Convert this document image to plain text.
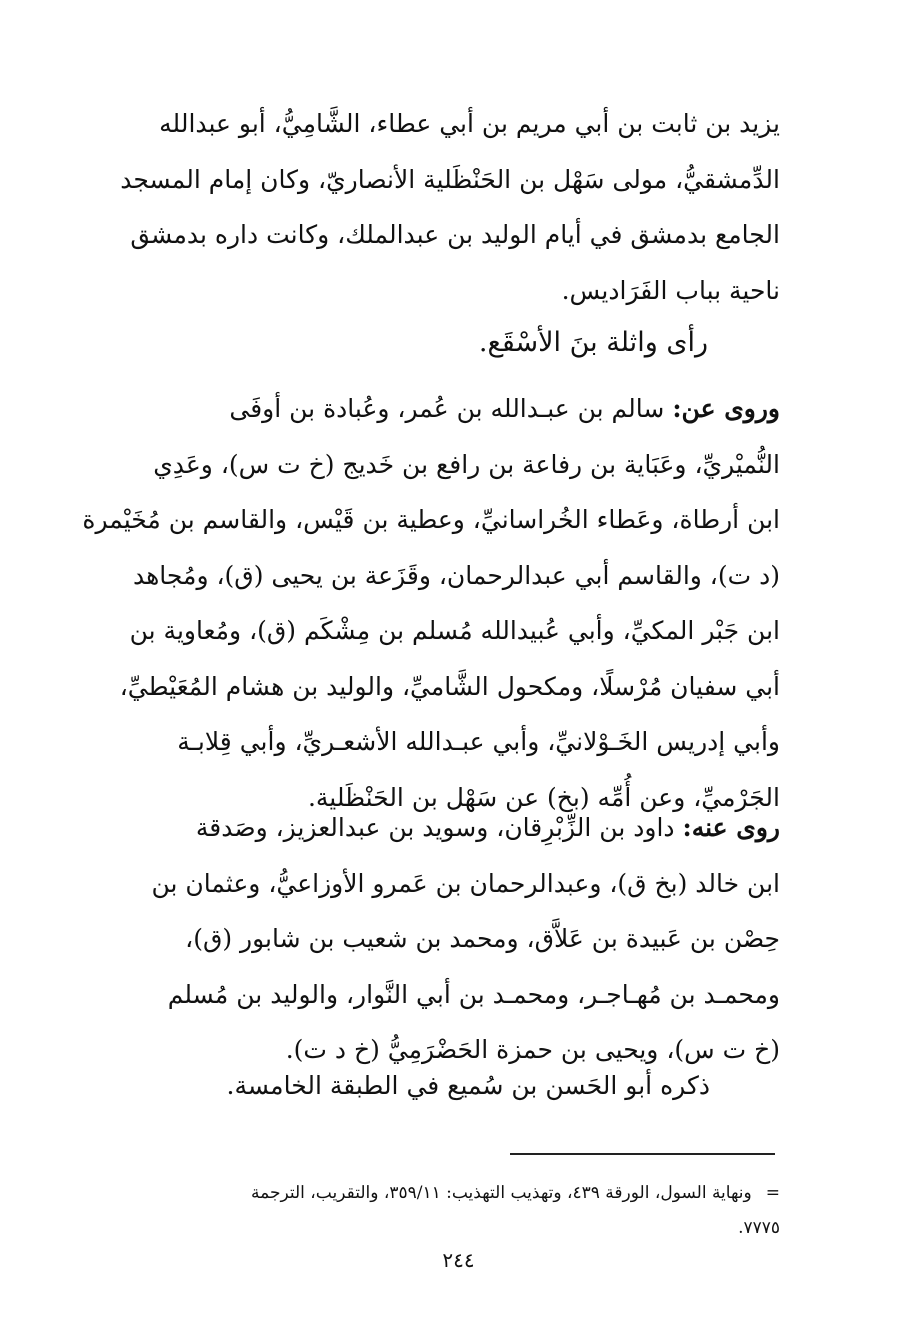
يزيد بن ثابت بن أبي مريم بن أبي عطاء، الشَّامِيُّ، أبو عبدالله
الدِّمشقيُّ، مولى سَهْل بن الحَنْظَلية الأنصاريّ، وكان إمام المسجد
الجامع بدمشق في أيام الوليد بن عبدالملك، وكانت داره بدمشق
ناحية بباب الفَرَاديس.
رأى واثلة بنَ الأسْقَع.
وروى عن: سالم بن عبـدالله بن عُمر، وعُبادة بن أوفَى
النُّميْريِّ، وعَبَاية بن رفاعة بن رافع بن خَديج (خ ت س)، وعَدِي
ابن أرطاة، وعَطاء الخُراسانيِّ، وعطية بن قَيْس، والقاسم بن مُخَيْمرة
(د ت)، والقاسم أبي عبدالرحمان، وقَزَعة بن يحيى (ق)، ومُجاهد
ابن جَبْر المكيِّ، وأبي عُبيدالله مُسلم بن مِشْكَم (ق)، ومُعاوية بن
أبي سفيان مُرْسلًا، ومكحول الشَّاميِّ، والوليد بن هشام المُعَيْطيِّ،
وأبي إدريس الخَـوْلانيِّ، وأبي عبـدالله الأشعـريِّ، وأبي قِلابـة
الجَرْميِّ، وعن أُمِّه (بخ) عن سَهْل بن الحَنْظَلية.
روى عنه: داود بن الزِّبْرِقان، وسويد بن عبدالعزيز، وصَدقة
ابن خالد (بخ ق)، وعبدالرحمان بن عَمرو الأوزاعيُّ، وعثمان بن
حِصْن بن عَبيدة بن عَلاَّق، ومحمد بن شعيب بن شابور (ق)،
ومحمـد بن مُهـاجـر، ومحمـد بن أبي النَّوار، والوليد بن مُسلم
(خ ت س)، ويحيى بن حمزة الحَضْرَمِيُّ (خ د ت).
ذكره أبو الحَسن بن سُميع في الطبقة الخامسة.
=ونهاية السول، الورقة ٤٣٩، وتهذيب التهذيب: ٣٥٩/١١، والتقريب، الترجمة
٧٧٧٥.
٢٤٤
